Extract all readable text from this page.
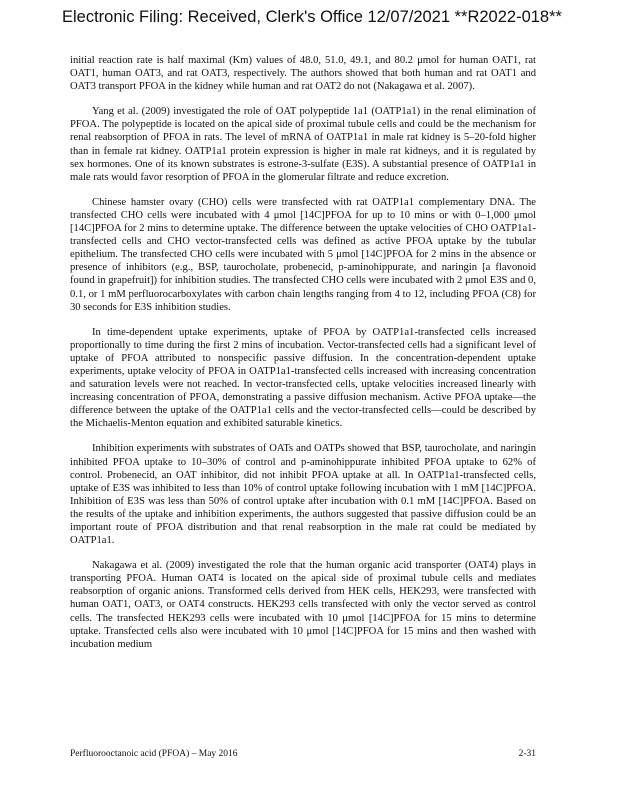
Electronic Filing: Received, Clerk's Office 12/07/2021 **R2022-018**

initial reaction rate is half maximal (Km) values of 48.0, 51.0, 49.1, and 80.2 μmol for human OAT1, rat OAT1, human OAT3, and rat OAT3, respectively. The authors showed that both human and rat OAT1 and OAT3 transport PFOA in the kidney while human and rat OAT2 do not (Nakagawa et al. 2007).

Yang et al. (2009) investigated the role of OAT polypeptide 1a1 (OATP1a1) in the renal elimination of PFOA. The polypeptide is located on the apical side of proximal tubule cells and could be the mechanism for renal reabsorption of PFOA in rats. The level of mRNA of OATP1a1 in male rat kidney is 5–20-fold higher than in female rat kidney. OATP1a1 protein expression is higher in male rat kidneys, and it is regulated by sex hormones. One of its known substrates is estrone-3-sulfate (E3S). A substantial presence of OATP1a1 in male rats would favor resorption of PFOA in the glomerular filtrate and reduce excretion.

Chinese hamster ovary (CHO) cells were transfected with rat OATP1a1 complementary DNA. The transfected CHO cells were incubated with 4 μmol [14C]PFOA for up to 10 mins or with 0–1,000 μmol [14C]PFOA for 2 mins to determine uptake. The difference between the uptake velocities of CHO OATP1a1-transfected cells and CHO vector-transfected cells was defined as active PFOA uptake by the tubular epithelium. The transfected CHO cells were incubated with 5 μmol [14C]PFOA for 2 mins in the absence or presence of inhibitors (e.g., BSP, taurocholate, probenecid, p-aminohippurate, and naringin [a flavonoid found in grapefruit]) for inhibition studies. The transfected CHO cells were incubated with 2 μmol E3S and 0, 0.1, or 1 mM perfluorocarboxylates with carbon chain lengths ranging from 4 to 12, including PFOA (C8) for 30 seconds for E3S inhibition studies.

In time-dependent uptake experiments, uptake of PFOA by OATP1a1-transfected cells increased proportionally to time during the first 2 mins of incubation. Vector-transfected cells had a significant level of uptake of PFOA attributed to nonspecific passive diffusion. In the concentration-dependent uptake experiments, uptake velocity of PFOA in OATP1a1-transfected cells increased with increasing concentration and saturation levels were not reached. In vector-transfected cells, uptake velocities increased linearly with increasing concentration of PFOA, demonstrating a passive diffusion mechanism. Active PFOA uptake—the difference between the uptake of the OATP1a1 cells and the vector-transfected cells—could be described by the Michaelis-Menton equation and exhibited saturable kinetics.

Inhibition experiments with substrates of OATs and OATPs showed that BSP, taurocholate, and naringin inhibited PFOA uptake to 10–30% of control and p-aminohippurate inhibited PFOA uptake to 62% of control. Probenecid, an OAT inhibitor, did not inhibit PFOA uptake at all. In OATP1a1-transfected cells, uptake of E3S was inhibited to less than 10% of control uptake following incubation with 1 mM [14C]PFOA. Inhibition of E3S was less than 50% of control uptake after incubation with 0.1 mM [14C]PFOA. Based on the results of the uptake and inhibition experiments, the authors suggested that passive diffusion could be an important route of PFOA distribution and that renal reabsorption in the male rat could be mediated by OATP1a1.

Nakagawa et al. (2009) investigated the role that the human organic acid transporter (OAT4) plays in transporting PFOA. Human OAT4 is located on the apical side of proximal tubule cells and mediates reabsorption of organic anions. Transformed cells derived from HEK cells, HEK293, were transfected with human OAT1, OAT3, or OAT4 constructs. HEK293 cells transfected with only the vector served as control cells. The transfected HEK293 cells were incubated with 10 μmol [14C]PFOA for 15 mins to determine uptake. Transfected cells also were incubated with 10 μmol [14C]PFOA for 15 mins and then washed with incubation medium

Perfluorooctanoic acid (PFOA) – May 2016	2-31
